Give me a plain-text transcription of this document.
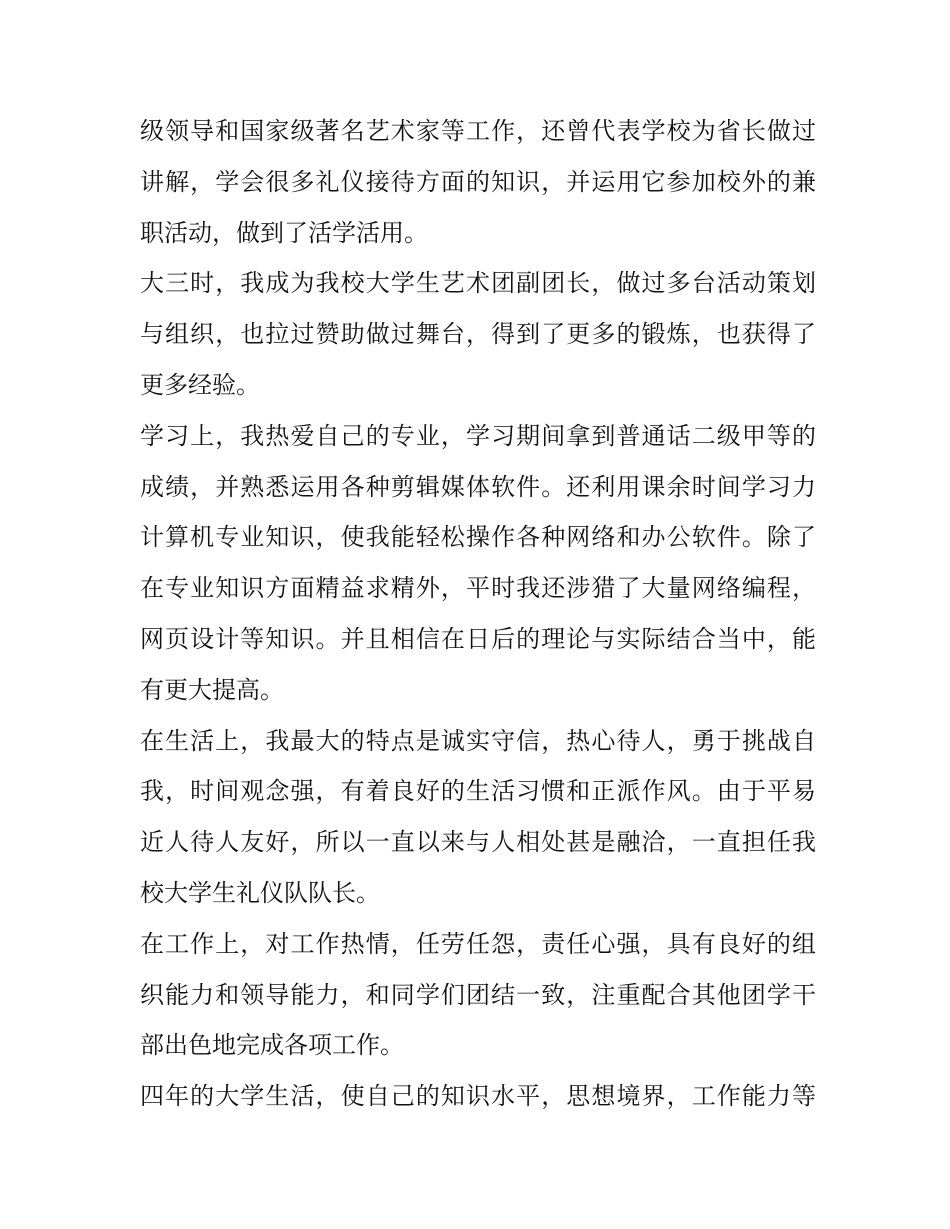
级领导和国家级著名艺术家等工作，还曾代表学校为省长做过
讲解，学会很多礼仪接待方面的知识，并运用它参加校外的兼
职活动，做到了活学活用。
大三时，我成为我校大学生艺术团副团长，做过多台活动策划
与组织，也拉过赞助做过舞台，得到了更多的锻炼，也获得了
更多经验。
学习上，我热爱自己的专业，学习期间拿到普通话二级甲等的
成绩，并熟悉运用各种剪辑媒体软件。还利用课余时间学习力
计算机专业知识，使我能轻松操作各种网络和办公软件。除了
在专业知识方面精益求精外，平时我还涉猎了大量网络编程，
网页设计等知识。并且相信在日后的理论与实际结合当中，能
有更大提高。
在生活上，我最大的特点是诚实守信，热心待人，勇于挑战自
我，时间观念强，有着良好的生活习惯和正派作风。由于平易
近人待人友好，所以一直以来与人相处甚是融洽，一直担任我
校大学生礼仪队队长。
在工作上，对工作热情，任劳任怨，责任心强，具有良好的组
织能力和领导能力，和同学们团结一致，注重配合其他团学干
部出色地完成各项工作。
四年的大学生活，使自己的知识水平，思想境界，工作能力等
